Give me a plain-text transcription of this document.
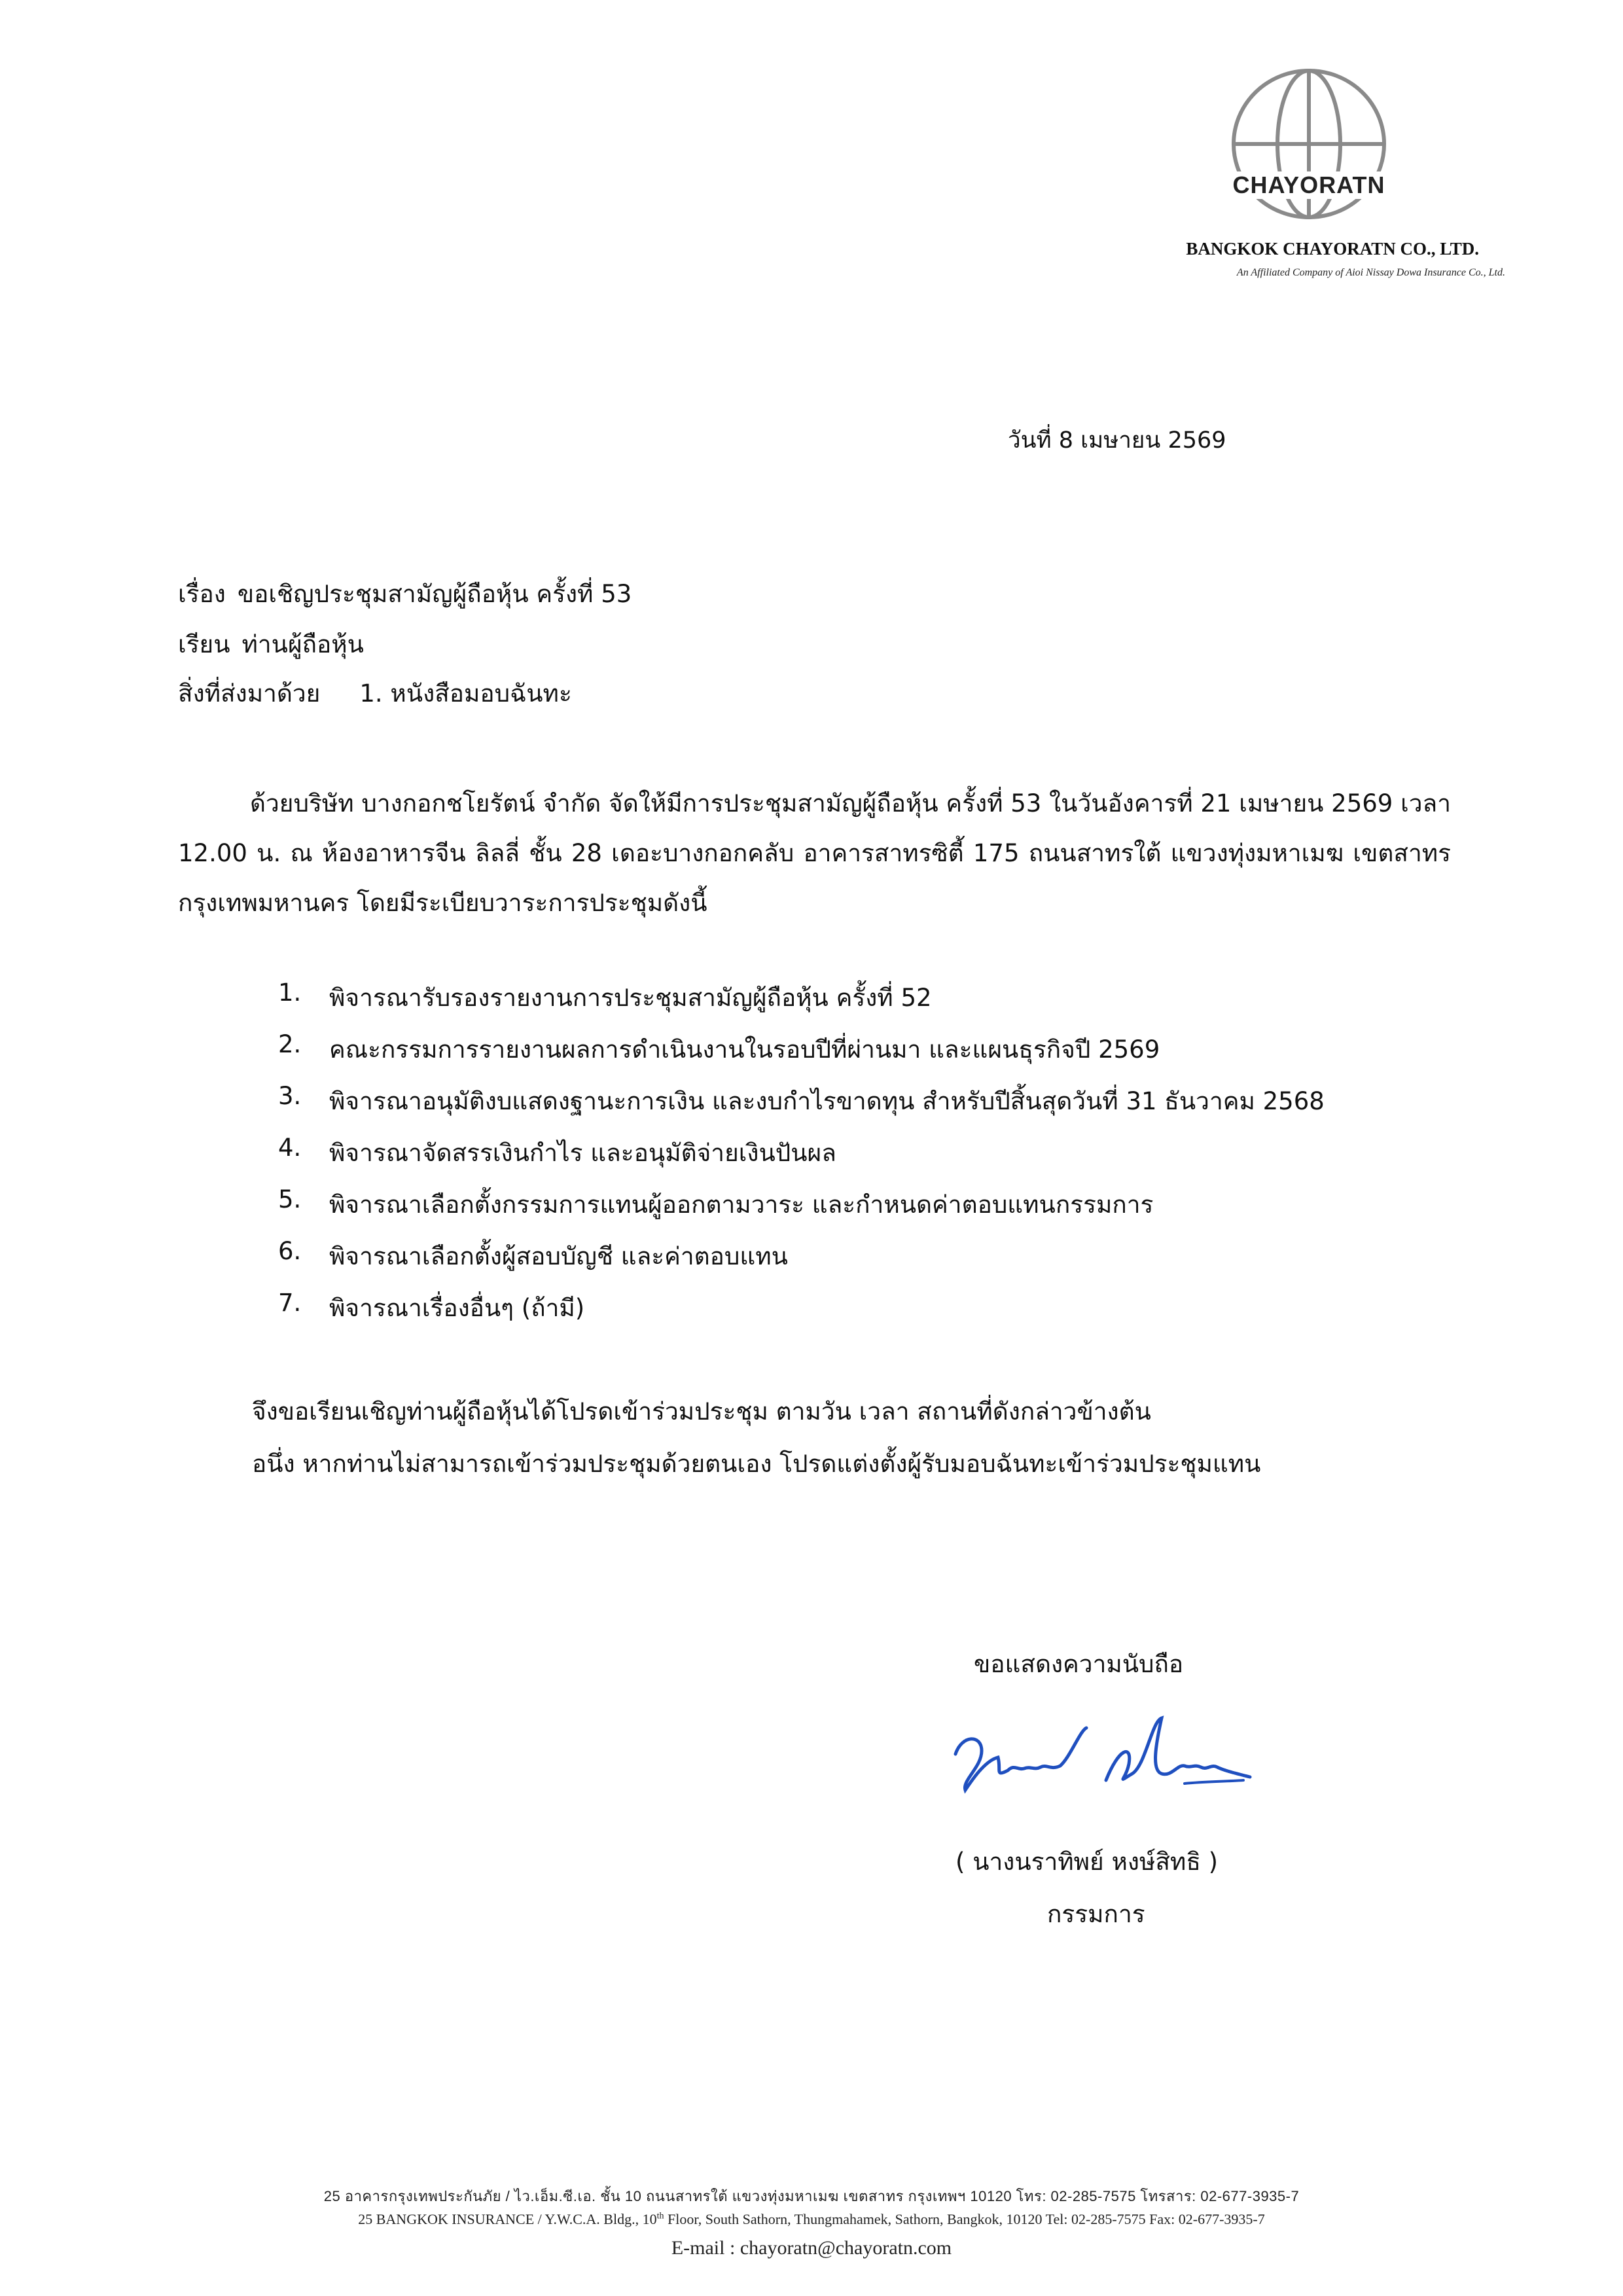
CHAYORATN
BANGKOK CHAYORATN CO., LTD.
An Affiliated Company of Aioi Nissay Dowa Insurance Co., Ltd.
วันที่ 8 เมษายน 2569
เรื่อง ขอเชิญประชุมสามัญผู้ถือหุ้น ครั้งที่ 53
เรียน ท่านผู้ถือหุ้น
สิ่งที่ส่งมาด้วย 1. หนังสือมอบฉันทะ
ด้วยบริษัท บางกอกชโยรัตน์ จำกัด จัดให้มีการประชุมสามัญผู้ถือหุ้น ครั้งที่ 53 ในวันอังคารที่ 21 เมษายน 2569 เวลา 12.00 น. ณ ห้องอาหารจีน ลิลลี่ ชั้น 28 เดอะบางกอกคลับ อาคารสาทรซิตี้ 175 ถนนสาทรใต้ แขวงทุ่งมหาเมฆ เขตสาทร กรุงเทพมหานคร โดยมีระเบียบวาระการประชุมดังนี้
1.	พิจารณารับรองรายงานการประชุมสามัญผู้ถือหุ้น ครั้งที่ 52
2.	คณะกรรมการรายงานผลการดำเนินงานในรอบปีที่ผ่านมา และแผนธุรกิจปี 2569
3.	พิจารณาอนุมัติงบแสดงฐานะการเงิน และงบกำไรขาดทุน สำหรับปีสิ้นสุดวันที่ 31 ธันวาคม 2568
4.	พิจารณาจัดสรรเงินกำไร และอนุมัติจ่ายเงินปันผล
5.	พิจารณาเลือกตั้งกรรมการแทนผู้ออกตามวาระ และกำหนดค่าตอบแทนกรรมการ
6.	พิจารณาเลือกตั้งผู้สอบบัญชี และค่าตอบแทน
7.	พิจารณาเรื่องอื่นๆ (ถ้ามี)
จึงขอเรียนเชิญท่านผู้ถือหุ้นได้โปรดเข้าร่วมประชุม ตามวัน เวลา สถานที่ดังกล่าวข้างต้น
อนึ่ง หากท่านไม่สามารถเข้าร่วมประชุมด้วยตนเอง โปรดแต่งตั้งผู้รับมอบฉันทะเข้าร่วมประชุมแทน
ขอแสดงความนับถือ
( นางนราทิพย์ หงษ์สิทธิ )
กรรมการ
25 อาคารกรุงเทพประกันภัย / ไว.เอ็ม.ซี.เอ. ชั้น 10 ถนนสาทรใต้ แขวงทุ่งมหาเมฆ เขตสาทร กรุงเทพฯ 10120 โทร: 02-285-7575 โทรสาร: 02-677-3935-7
25 BANGKOK INSURANCE / Y.W.C.A. Bldg., 10th Floor, South Sathorn, Thungmahamek, Sathorn, Bangkok, 10120 Tel: 02-285-7575 Fax: 02-677-3935-7
E-mail : chayoratn@chayoratn.com
